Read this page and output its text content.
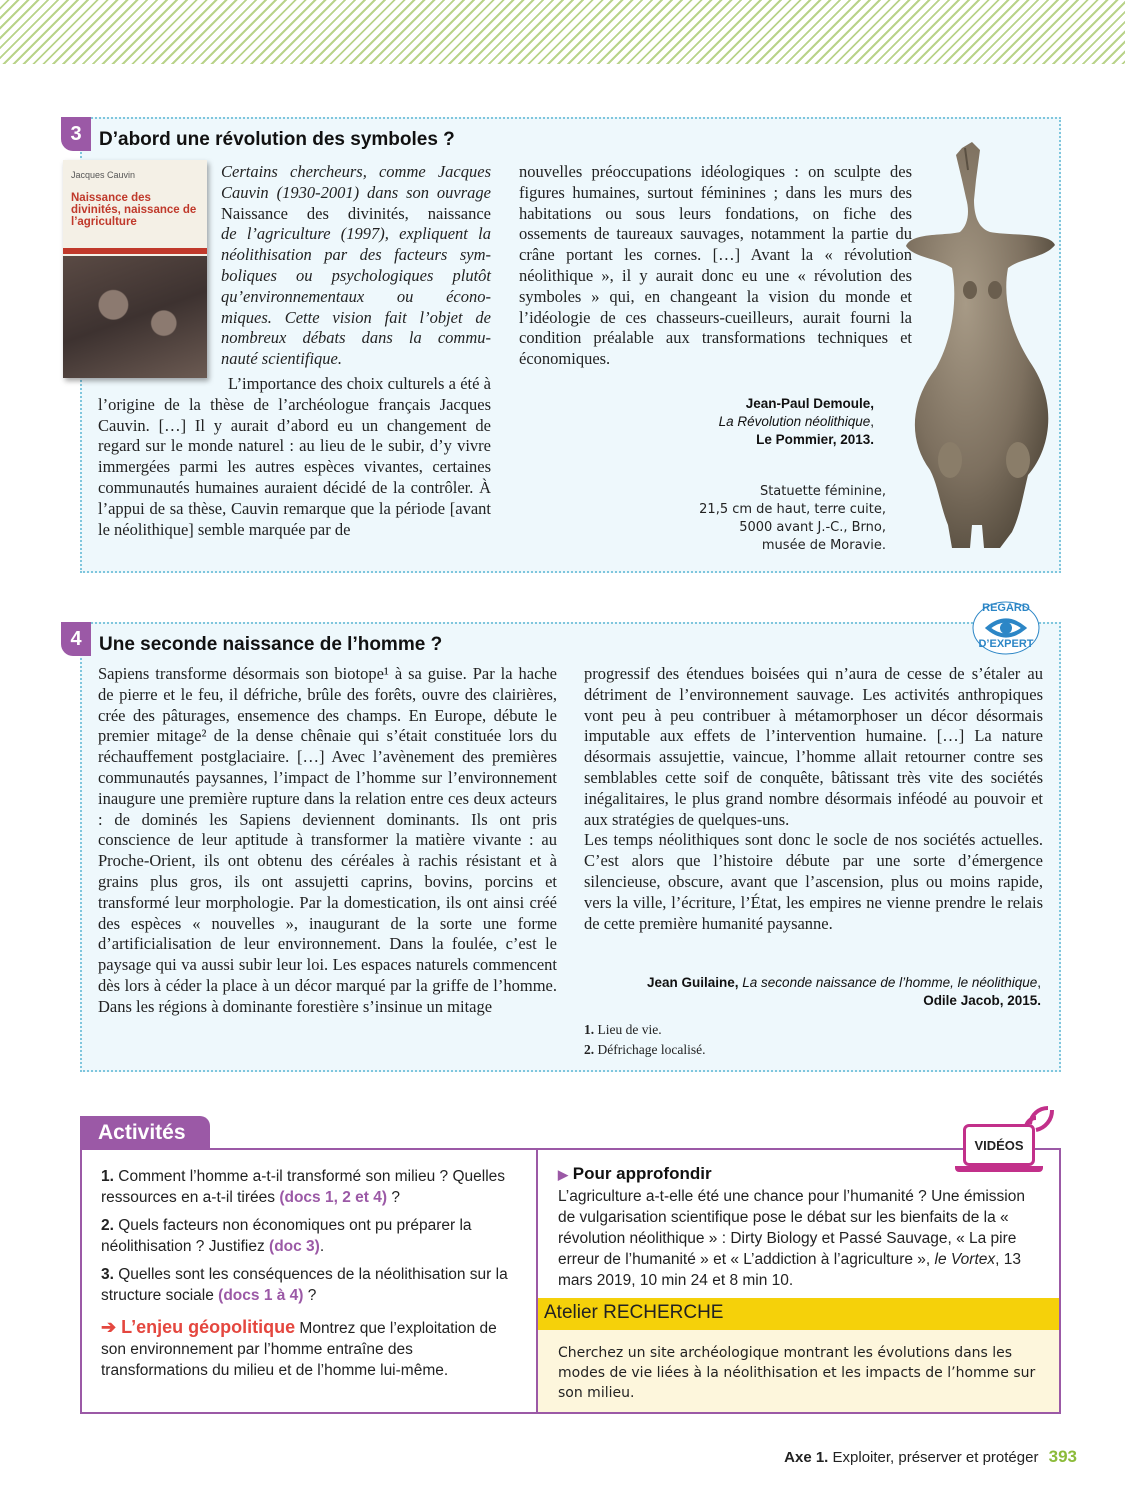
3 D’abord une révolution des symboles ?
Jacques Cauvin
Naissance des divinités, naissance de l’agriculture
Certains chercheurs, comme Jacques
Cauvin (1930-2001) dans son ouvrage
Naissance des divinités, naissance
de l’agriculture (1997), expliquent la
néolithisation par des facteurs sym-
boliques ou psychologiques plutôt
qu’environnementaux ou écono-
miques. Cette vision fait l’objet de
nombreux débats dans la commu-
nauté scientifique.

L’importance des choix culturels a été à l’origine de la thèse de l’archéologue français Jacques Cauvin. […] Il y aurait d’abord eu un changement de regard sur le monde naturel : au lieu de le subir, d’y vivre immergées parmi les autres espèces vivantes, certaines communautés humaines auraient décidé de la contrôler. À l’appui de sa thèse, Cauvin remarque que la période [avant le néolithique] semble marquée par de

nouvelles préoccupations idéologiques : on sculpte des figures humaines, surtout féminines ; dans les murs des habitations ou sous leurs fondations, on fiche des ossements de taureaux sauvages, notamment la partie du crâne portant les cornes. […] Avant la « révolution néolithique », il y aurait donc eu une « révolution des symboles » qui, en changeant la vision du monde et l’idéologie de ces chasseurs-cueilleurs, aurait fourni la condition préalable aux transformations techniques et économiques.

Jean-Paul Demoule,
La Révolution néolithique,
Le Pommier, 2013.
Statuette féminine,
21,5 cm de haut, terre cuite,
5000 avant J.-C., Brno,
musée de Moravie.
4 Une seconde naissance de l’homme ?
REGARD
D’EXPERT

Sapiens transforme désormais son biotope¹ à sa guise. Par la hache de pierre et le feu, il défriche, brûle des forêts, ouvre des clairières, crée des pâturages, ensemence des champs. En Europe, débute le premier mitage² de la dense chênaie qui s’était constituée lors du réchauffement postglaciaire. […] Avec l’avènement des premières communautés paysannes, l’impact de l’homme sur l’environnement inaugure une première rupture dans la relation entre ces deux acteurs : de dominés les Sapiens deviennent dominants. Ils ont pris conscience de leur aptitude à transformer la matière vivante : au Proche-Orient, ils ont obtenu des céréales à rachis résistant et à grains plus gros, ils ont assujetti caprins, bovins, porcins et transformé leur morphologie. Par la domestication, ils ont ainsi créé des espèces « nouvelles », inaugurant de la sorte une forme d’artificialisation de leur environnement. Dans la foulée, c’est le paysage qui va aussi subir leur loi. Les espaces naturels commencent dès lors à céder la place à un décor marqué par la griffe de l’homme. Dans les régions à dominante forestière s’insinue un mitage

progressif des étendues boisées qui n’aura de cesse de s’étaler au détriment de l’environnement sauvage. Les activités anthropiques vont peu à peu contribuer à métamorphoser un décor désormais imputable aux effets de l’intervention humaine. […] La nature désormais assujettie, vaincue, l’homme allait retourner contre ses semblables cette soif de conquête, bâtissant très vite des sociétés inégalitaires, le plus grand nombre désormais inféodé au pouvoir et aux stratégies de quelques-uns.

Les temps néolithiques sont donc le socle de nos sociétés actuelles. C’est alors que l’histoire débute par une sorte d’émergence silencieuse, obscure, avant que l’ascension, plus ou moins rapide, vers la ville, l’écriture, l’État, les empires ne vienne prendre le relais de cette première humanité paysanne.

Jean Guilaine, La seconde naissance de l’homme, le néolithique,
Odile Jacob, 2015.
1. Lieu de vie.
2. Défrichage localisé.
Activités
1. Comment l’homme a-t-il transformé son milieu ? Quelles ressources en a-t-il tirées (docs 1, 2 et 4) ?
2. Quels facteurs non économiques ont pu préparer la néolithisation ? Justifiez (doc 3).
3. Quelles sont les conséquences de la néolithisation sur la structure sociale (docs 1 à 4) ?
➔ L’enjeu géopolitique Montrez que l’exploitation de son environnement par l’homme entraîne des transformations du milieu et de l’homme lui-même.
VIDÉOS
▶ Pour approfondir
L’agriculture a-t-elle été une chance pour l’humanité ? Une émission de vulgarisation scientifique pose le débat sur les bienfaits de la « révolution néolithique » : Dirty Biology et Passé Sauvage, « La pire erreur de l’humanité » et « L’addiction à l’agriculture », le Vortex, 13 mars 2019, 10 min 24 et 8 min 10.
Atelier RECHERCHE
Cherchez un site archéologique montrant les évolutions dans les modes de vie liées à la néolithisation et les impacts de l’homme sur son milieu.
Axe 1. Exploiter, préserver et protéger 393
